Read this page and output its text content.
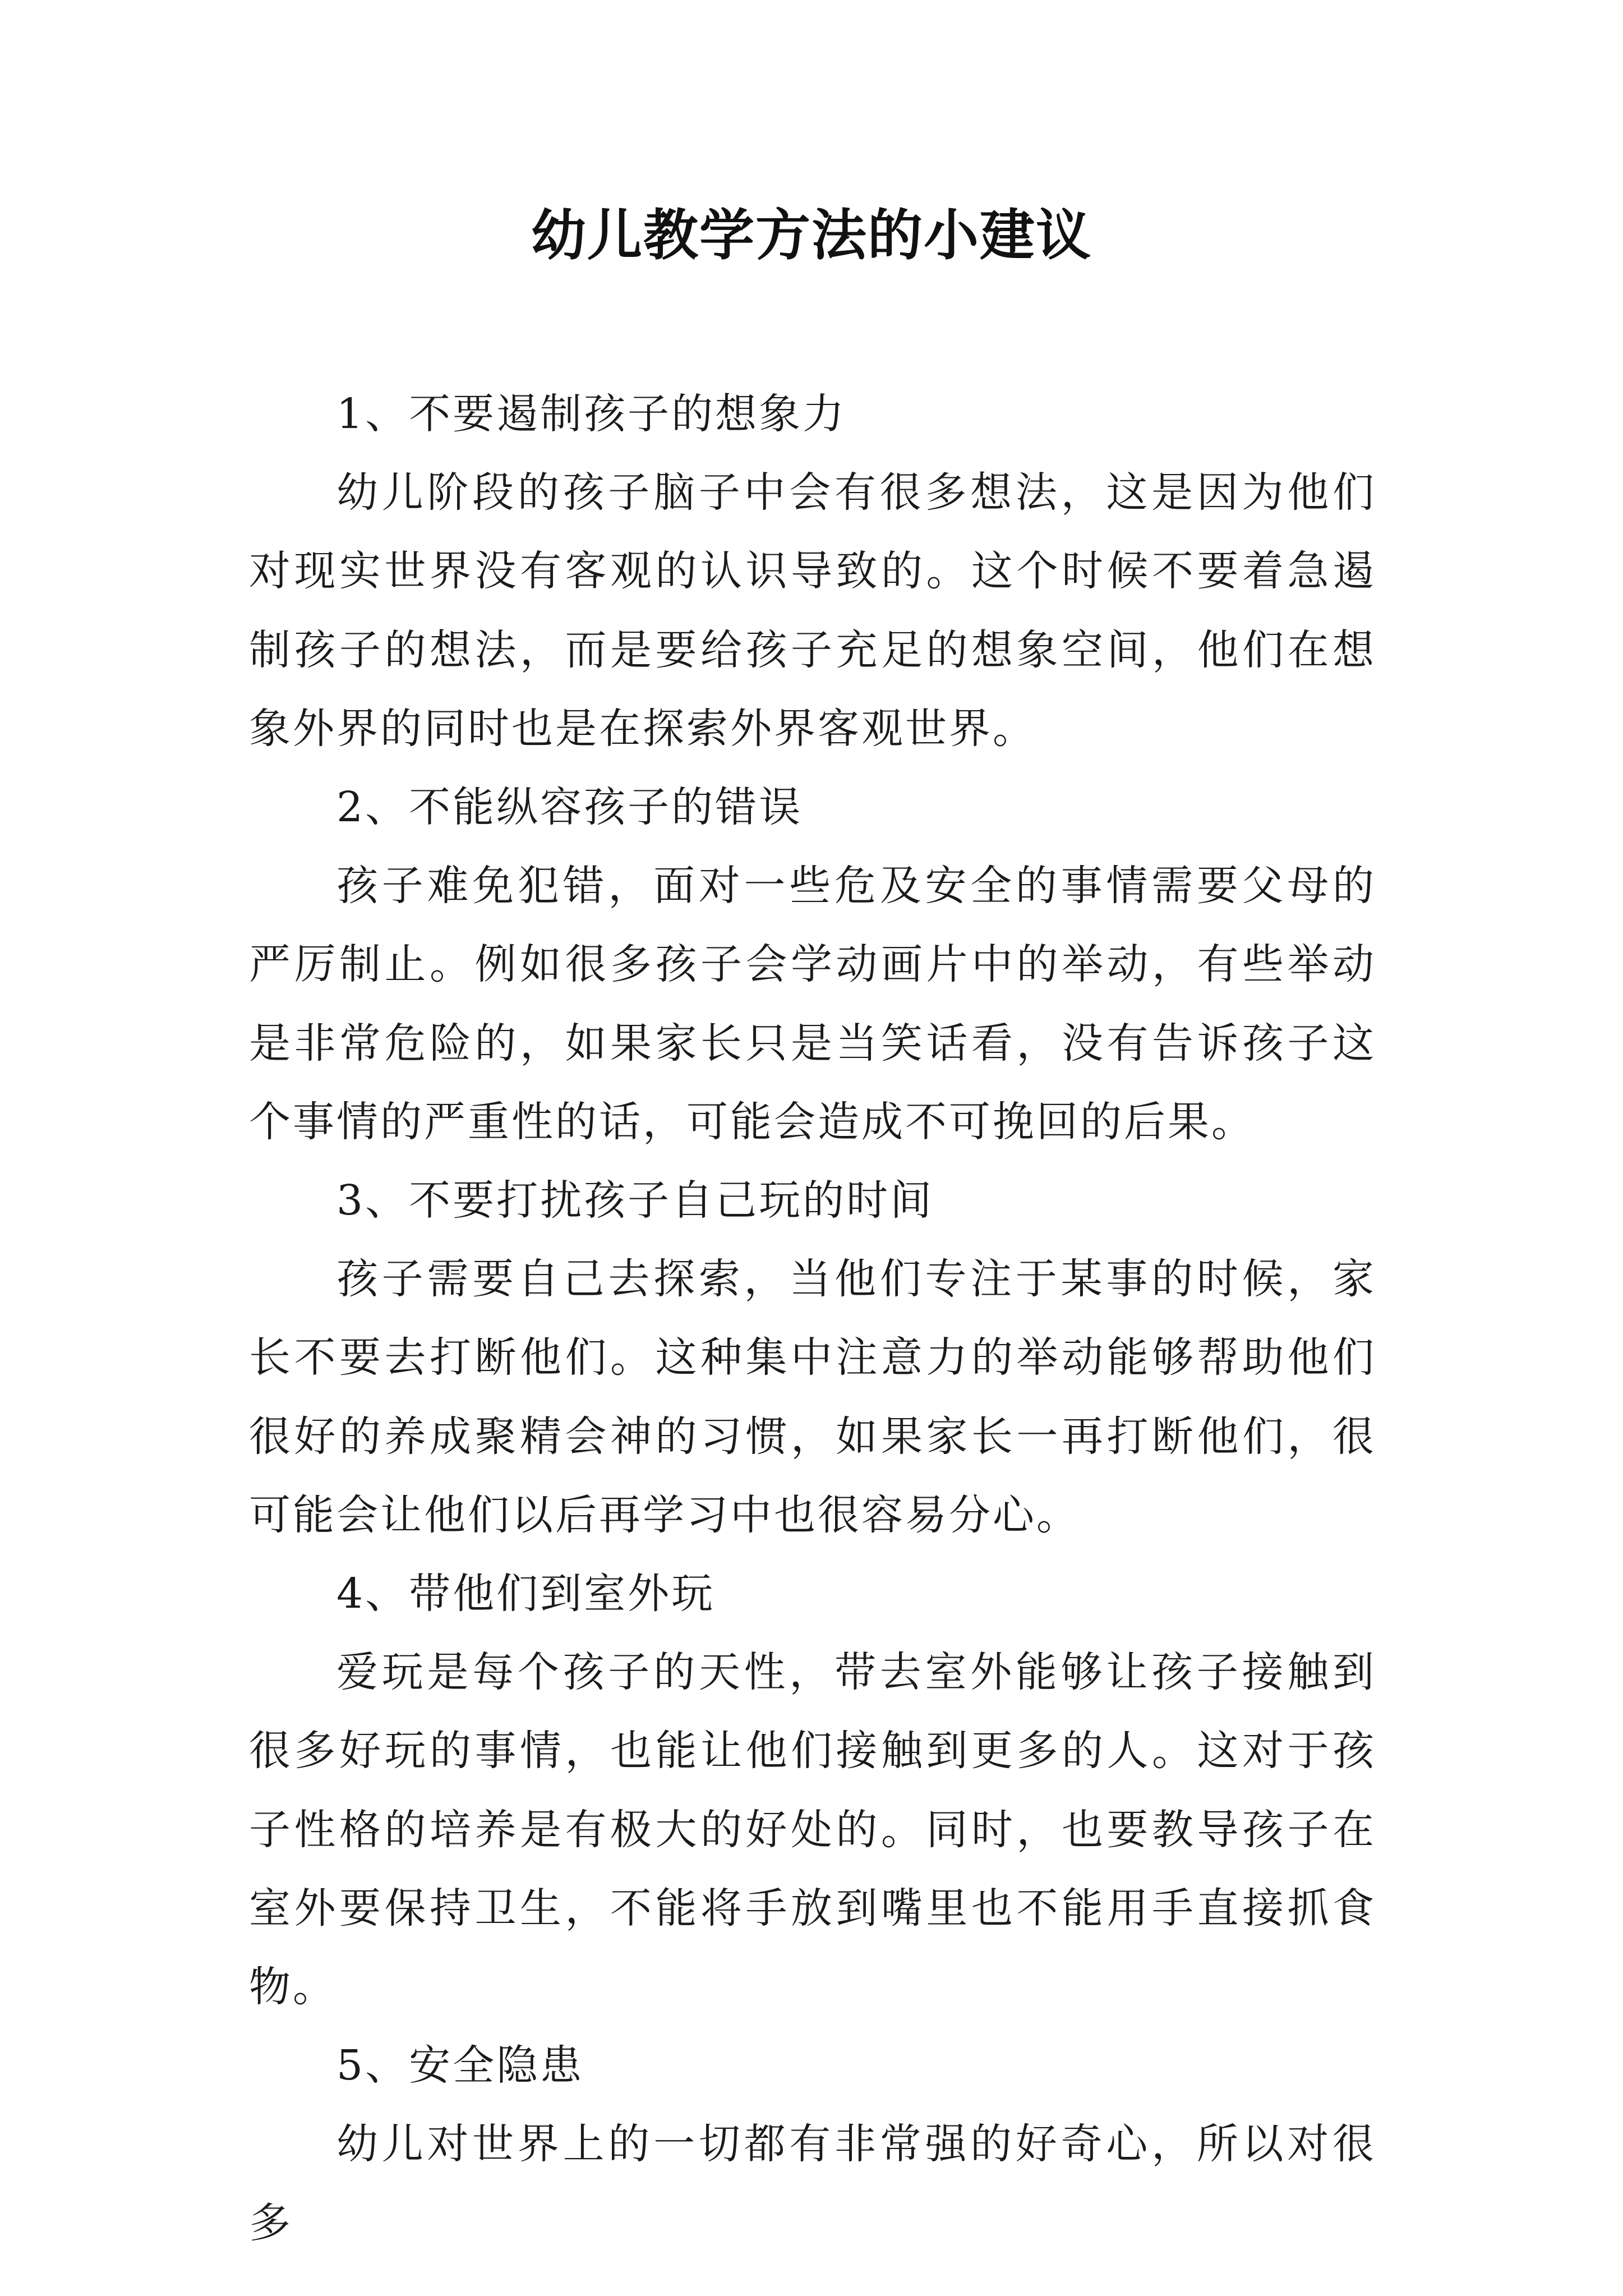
幼儿教学方法的小建议

1、不要遏制孩子的想象力

幼儿阶段的孩子脑子中会有很多想法，这是因为他们对现实世界没有客观的认识导致的。这个时候不要着急遏制孩子的想法，而是要给孩子充足的想象空间，他们在想象外界的同时也是在探索外界客观世界。

2、不能纵容孩子的错误

孩子难免犯错，面对一些危及安全的事情需要父母的严厉制止。例如很多孩子会学动画片中的举动，有些举动是非常危险的，如果家长只是当笑话看，没有告诉孩子这个事情的严重性的话，可能会造成不可挽回的后果。

3、不要打扰孩子自己玩的时间

孩子需要自己去探索，当他们专注于某事的时候，家长不要去打断他们。这种集中注意力的举动能够帮助他们很好的养成聚精会神的习惯，如果家长一再打断他们，很可能会让他们以后再学习中也很容易分心。

4、带他们到室外玩

爱玩是每个孩子的天性，带去室外能够让孩子接触到很多好玩的事情，也能让他们接触到更多的人。这对于孩子性格的培养是有极大的好处的。同时，也要教导孩子在室外要保持卫生，不能将手放到嘴里也不能用手直接抓食物。

5、安全隐患

幼儿对世界上的一切都有非常强的好奇心，所以对很多
